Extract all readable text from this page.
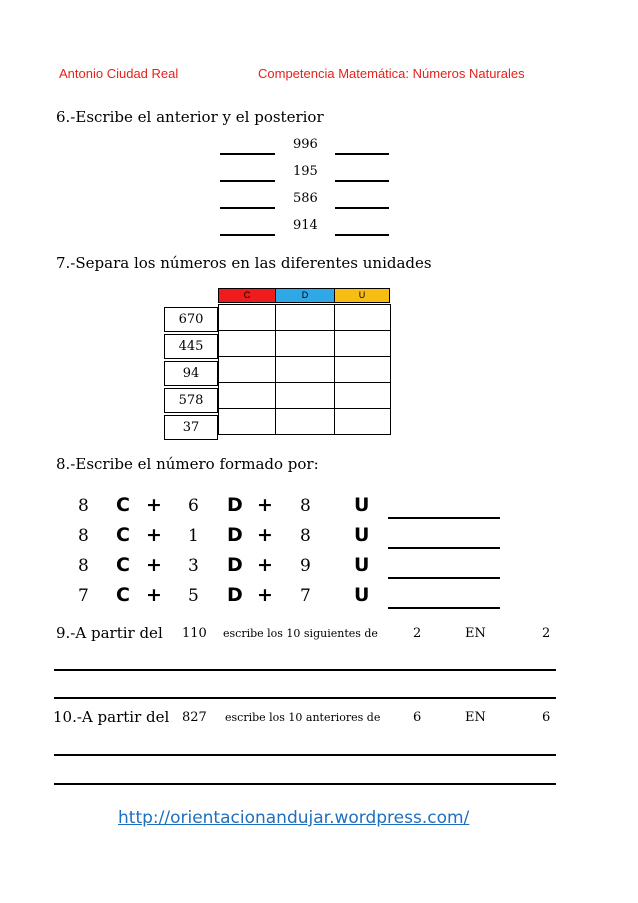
Antonio Ciudad Real	Competencia Matemática: Números Naturales
6.-Escribe el anterior y el posterior
996
195
586
914
7.-Separa los números en las diferentes unidades
C	D	U
670
445
94
578
37

8.-Escribe el número formado por:
8 C + 6 D + 8 U
8 C + 1 D + 8 U
8 C + 3 D + 9 U
7 C + 5 D + 7 U
9.-A partir del 110 escribe los 10 siguientes de	2	EN	2
10.-A partir del 827 escribe los 10 anteriores de	6	EN	6
http://orientacionandujar.wordpress.com/
